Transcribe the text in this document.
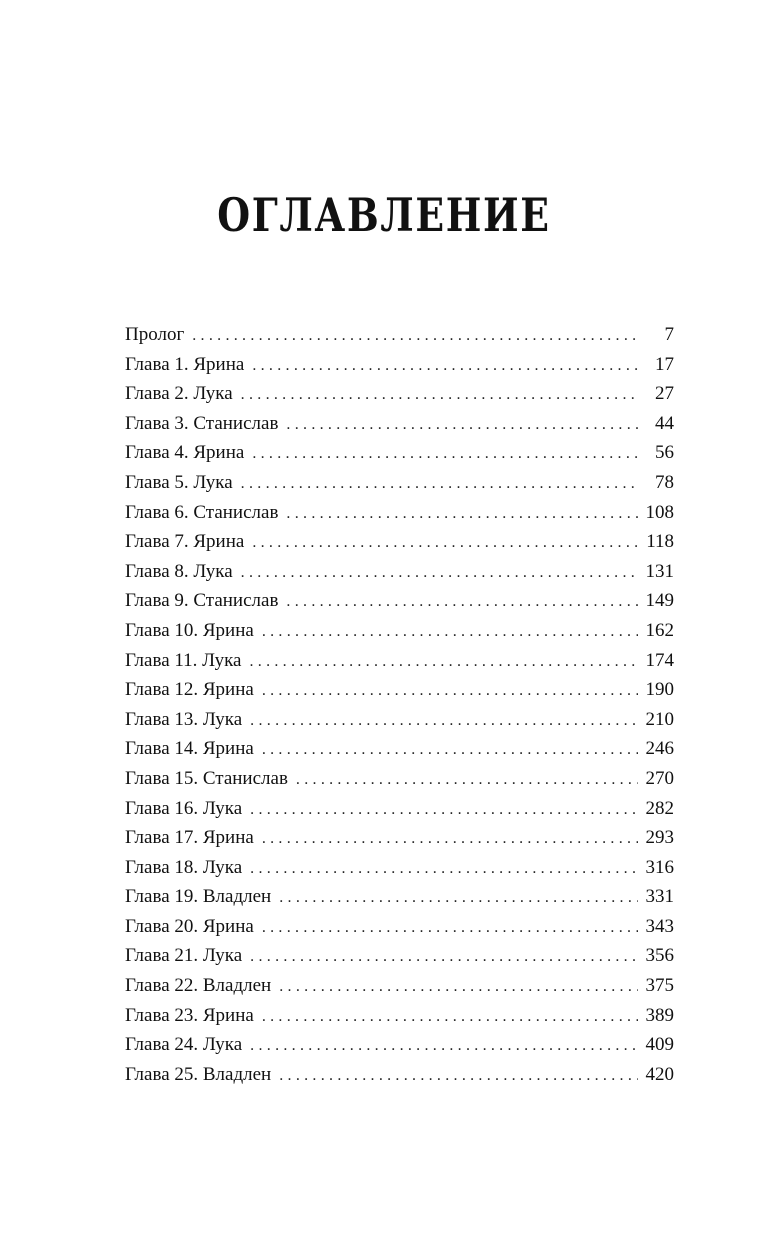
ОГЛАВЛЕНИЕ
Пролог . . .	7
Глава 1. Ярина . . .	17
Глава 2. Лука . . .	27
Глава 3. Станислав . . .	44
Глава 4. Ярина . . .	56
Глава 5. Лука . . .	78
Глава 6. Станислав . . .	108
Глава 7. Ярина . . .	118
Глава 8. Лука . . .	131
Глава 9. Станислав . . .	149
Глава 10. Ярина . . .	162
Глава 11. Лука . . .	174
Глава 12. Ярина . . .	190
Глава 13. Лука . . .	210
Глава 14. Ярина . . .	246
Глава 15. Станислав . . .	270
Глава 16. Лука . . .	282
Глава 17. Ярина . . .	293
Глава 18. Лука . . .	316
Глава 19. Владлен . . .	331
Глава 20. Ярина . . .	343
Глава 21. Лука . . .	356
Глава 22. Владлен . . .	375
Глава 23. Ярина . . .	389
Глава 24. Лука . . .	409
Глава 25. Владлен . . .	420
